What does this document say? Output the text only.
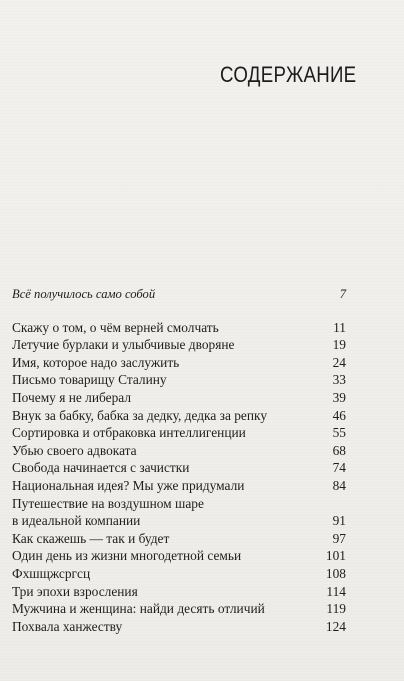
СОДЕРЖАНИЕ
Всё получилось само собой	7
Скажу о том, о чём верней смолчать	11
Летучие бурлаки и улыбчивые дворяне	19
Имя, которое надо заслужить	24
Письмо товарищу Сталину	33
Почему я не либерал	39
Внук за бабку, бабка за дедку, дедка за репку	46
Сортировка и отбраковка интеллигенции	55
Убью своего адвоката	68
Свобода начинается с зачистки	74
Национальная идея? Мы уже придумали	84
Путешествие на воздушном шаре
в идеальной компании	91
Как скажешь — так и будет	97
Один день из жизни многодетной семьи	101
Фхшщжсргсц	108
Три эпохи взросления	114
Мужчина и женщина: найди десять отличий	119
Похвала ханжеству	124
